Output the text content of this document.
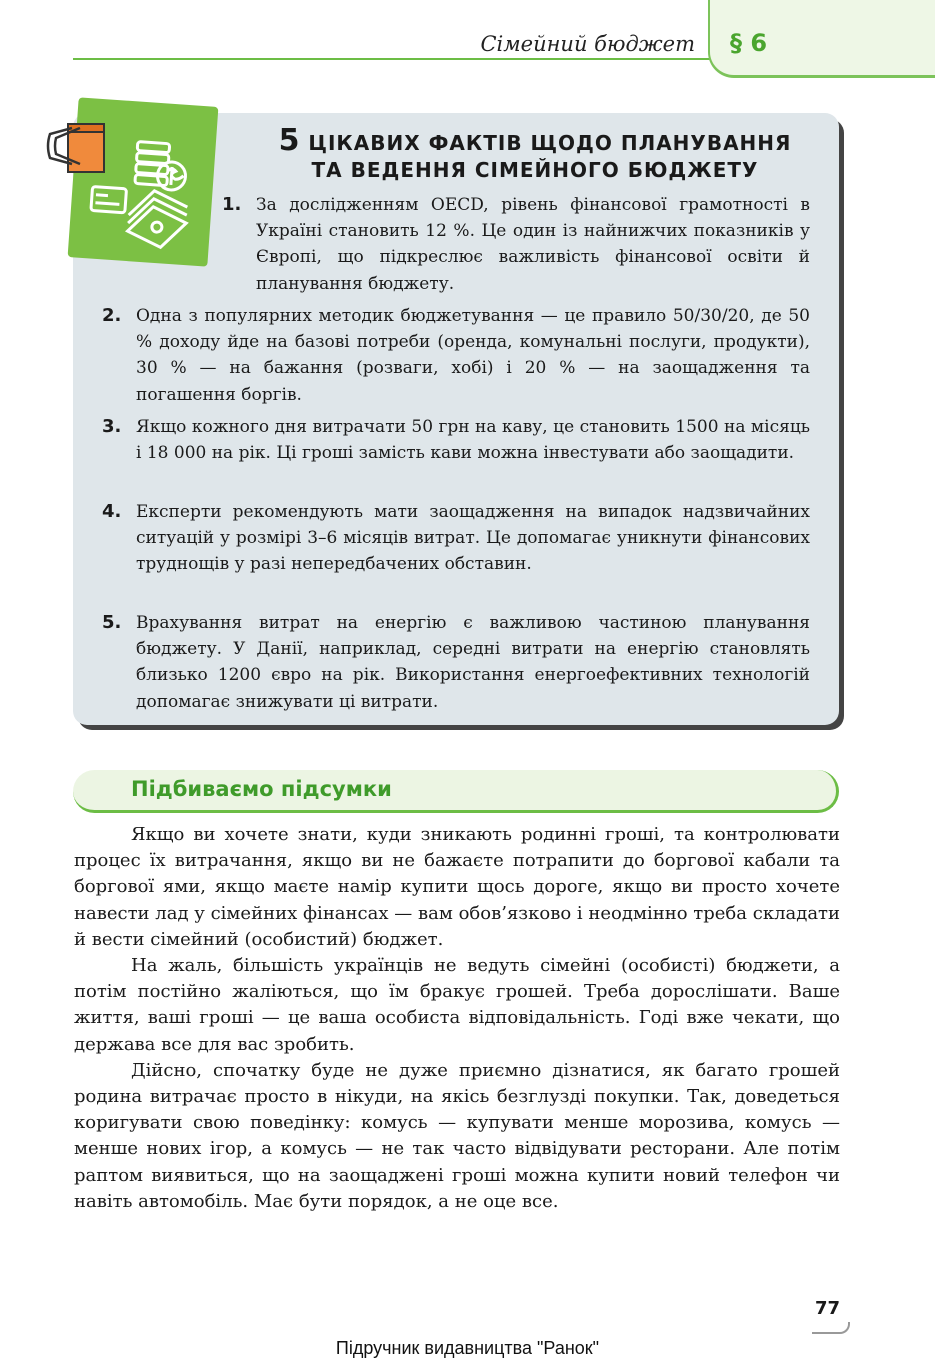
Сімейний бюджет § 6
5 ЦІКАВИХ ФАКТІВ ЩОДО ПЛАНУВАННЯ
ТА ВЕДЕННЯ СІМЕЙНОГО БЮДЖЕТУ
1. За дослідженням OECD, рівень фінансової грамотності в Україні становить 12 %. Це один із найнижчих показників у Європі, що підкреслює важливість фінансової освіти й планування бюджету.
2. Одна з популярних методик бюджетування — це правило 50/30/20, де 50 % доходу йде на базові потреби (оренда, комунальні послуги, продукти), 30 % — на бажання (розваги, хобі) і 20 % — на заощадження та погашення боргів.
3. Якщо кожного дня витрачати 50 грн на каву, це становить 1500 на місяць і 18 000 на рік. Ці гроші замість кави можна інвестувати або заощадити.
4. Експерти рекомендують мати заощадження на випадок надзвичайних ситуацій у розмірі 3–6 місяців витрат. Це допомагає уникнути фінансових труднощів у разі непередбачених обставин.
5. Врахування витрат на енергію є важливою частиною планування бюджету. У Данії, наприклад, середні витрати на енергію становлять близько 1200 євро на рік. Використання енергоефективних технологій допомагає знижувати ці витрати.
Підбиваємо підсумки

Якщо ви хочете знати, куди зникають родинні гроші, та контролювати процес їх витрачання, якщо ви не бажаєте потрапити до боргової кабали та боргової ями, якщо маєте намір купити щось дороге, якщо ви просто хочете навести лад у сімейних фінансах — вам обов’язково і неодмінно треба складати й вести сімейний (особистий) бюджет.

На жаль, більшість українців не ведуть сімейні (особисті) бюджети, а потім постійно жаліються, що їм бракує грошей. Треба дорослішати. Ваше життя, ваші гроші — це ваша особиста відповідальність. Годі вже чекати, що держава все для вас зробить.

Дійсно, спочатку буде не дуже приємно дізнатися, як багато грошей родина витрачає просто в нікуди, на якісь безглузді покупки. Так, доведеться коригувати свою поведінку: комусь — купувати менше морозива, комусь — менше нових ігор, а комусь — не так часто відвідувати ресторани. Але потім раптом виявиться, що на заощаджені гроші можна купити новий телефон чи навіть автомобіль. Має бути порядок, а не оце все.

77
Підручник видавництва "Ранок"
